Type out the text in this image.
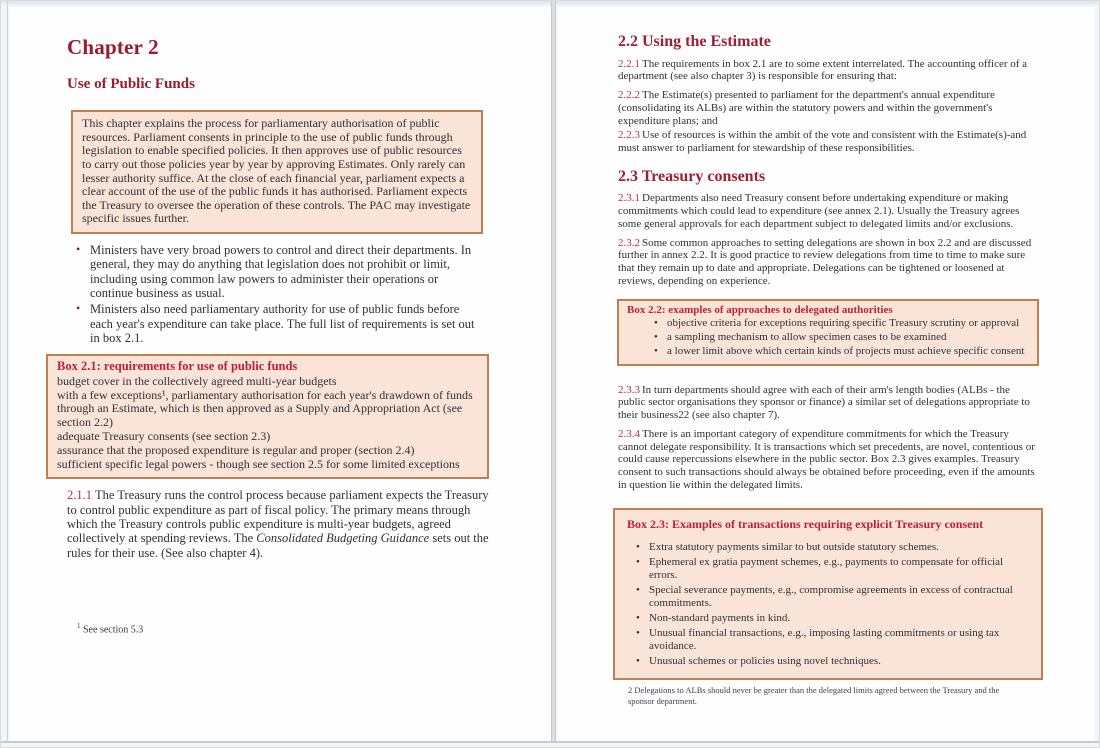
Chapter 2
Use of Public Funds
This chapter explains the process for parliamentary authorisation of public resources. Parliament consents in principle to the use of public funds through legislation to enable specified policies. It then approves use of public resources to carry out those policies year by year by approving Estimates. Only rarely can lesser authority suffice. At the close of each financial year, parliament expects a clear account of the use of the public funds it has authorised. Parliament expects the Treasury to oversee the operation of these controls. The PAC may investigate specific issues further.
• Ministers have very broad powers to control and direct their departments. In general, they may do anything that legislation does not prohibit or limit, including using common law powers to administer their operations or continue business as usual.
• Ministers also need parliamentary authority for use of public funds before each year's expenditure can take place. The full list of requirements is set out in box 2.1.
Box 2.1: requirements for use of public funds
budget cover in the collectively agreed multi-year budgets
with a few exceptions¹, parliamentary authorisation for each year's drawdown of funds through an Estimate, which is then approved as a Supply and Appropriation Act (see section 2.2)
adequate Treasury consents (see section 2.3)
assurance that the proposed expenditure is regular and proper (section 2.4)
sufficient specific legal powers - though see section 2.5 for some limited exceptions

2.1.1 The Treasury runs the control process because parliament expects the Treasury to control public expenditure as part of fiscal policy. The primary means through which the Treasury controls public expenditure is multi-year budgets, agreed collectively at spending reviews. The Consolidated Budgeting Guidance sets out the rules for their use. (See also chapter 4).

$^1$ See section 5.3
2.2 Using the Estimate

2.2.1 The requirements in box 2.1 are to some extent interrelated. The accounting officer of a department (see also chapter 3) is responsible for ensuring that:

2.2.2 The Estimate(s) presented to parliament for the department's annual expenditure (consolidating its ALBs) are within the statutory powers and within the government's expenditure plans; and

2.2.3 Use of resources is within the ambit of the vote and consistent with the Estimate(s)-and must answer to parliament for stewardship of these responsibilities.

2.3 Treasury consents

2.3.1 Departments also need Treasury consent before undertaking expenditure or making commitments which could lead to expenditure (see annex 2.1). Usually the Treasury agrees some general approvals for each department subject to delegated limits and/or exclusions.

2.3.2 Some common approaches to setting delegations are shown in box 2.2 and are discussed further in annex 2.2. It is good practice to review delegations from time to time to make sure that they remain up to date and appropriate. Delegations can be tightened or loosened at reviews, depending on experience.

Box 2.2: examples of approaches to delegated authorities
• objective criteria for exceptions requiring specific Treasury scrutiny or approval
• a sampling mechanism to allow specimen cases to be examined
• a lower limit above which certain kinds of projects must achieve specific consent

2.3.3 In turn departments should agree with each of their arm's length bodies (ALBs - the public sector organisations they sponsor or finance) a similar set of delegations appropriate to their business22 (see also chapter 7).

2.3.4 There is an important category of expenditure commitments for which the Treasury cannot delegate responsibility. It is transactions which set precedents, are novel, contentious or could cause repercussions elsewhere in the public sector. Box 2.3 gives examples. Treasury consent to such transactions should always be obtained before proceeding, even if the amounts in question lie within the delegated limits.

Box 2.3: Examples of transactions requiring explicit Treasury consent
• Extra statutory payments similar to but outside statutory schemes.
• Ephemeral ex gratia payment schemes, e.g., payments to compensate for official errors.
• Special severance payments, e.g., compromise agreements in excess of contractual commitments.
• Non-standard payments in kind.
• Unusual financial transactions, e.g., imposing lasting commitments or using tax avoidance.
• Unusual schemes or policies using novel techniques.
2 Delegations to ALBs should never be greater than the delegated limits agreed between the Treasury and the sponsor department.
